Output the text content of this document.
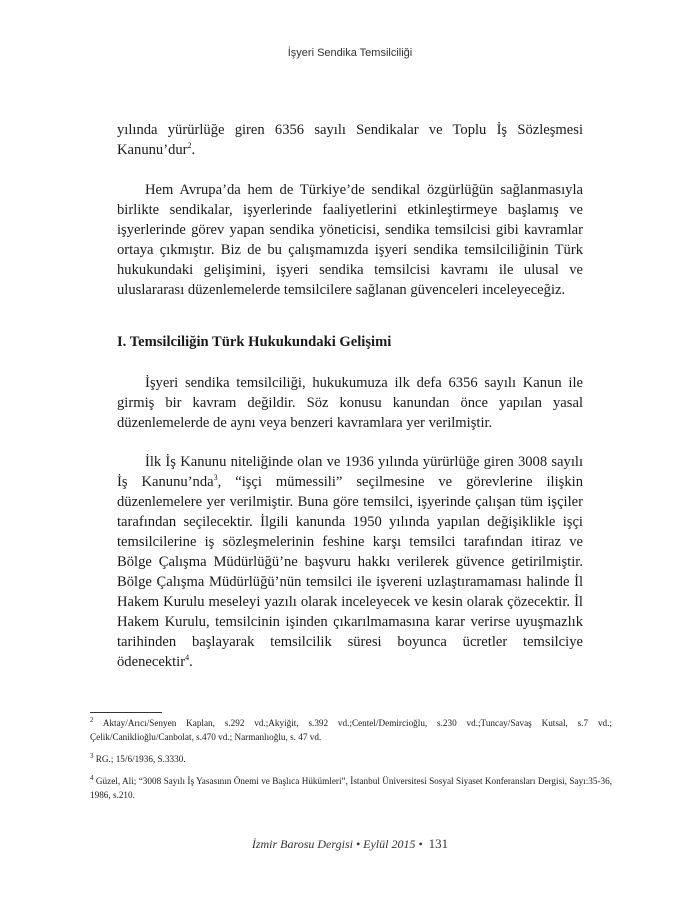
İşyeri Sendika Temsilciliği

yılında yürürlüğe giren 6356 sayılı Sendikalar ve Toplu İş Sözleşmesi Kanunu’dur$^2$.

Hem Avrupa’da hem de Türkiye’de sendikal özgürlüğün sağlanmasıyla birlikte sendikalar, işyerlerinde faaliyetlerini etkinleştirmeye başlamış ve işyerlerinde görev yapan sendika yöneticisi, sendika temsilcisi gibi kavramlar ortaya çıkmıştır. Biz de bu çalışmamızda işyeri sendika temsilciliğinin Türk hukukundaki gelişimini, işyeri sendika temsilcisi kavramı ile ulusal ve uluslararası düzenlemelerde temsilcilere sağlanan güvenceleri inceleyeceğiz.

I. Temsilciliğin Türk Hukukundaki Gelişimi

İşyeri sendika temsilciliği, hukukumuza ilk defa 6356 sayılı Kanun ile girmiş bir kavram değildir. Söz konusu kanundan önce yapılan yasal düzenlemelerde de aynı veya benzeri kavramlara yer verilmiştir.

İlk İş Kanunu niteliğinde olan ve 1936 yılında yürürlüğe giren 3008 sayılı İş Kanunu’nda$^3$, “işçi mümessili” seçilmesine ve görevlerine ilişkin düzenlemelere yer verilmiştir. Buna göre temsilci, işyerinde çalışan tüm işçiler tarafından seçilecektir. İlgili kanunda 1950 yılında yapılan değişiklikle işçi temsilcilerine iş sözleşmelerinin feshine karşı temsilci tarafından itiraz ve Bölge Çalışma Müdürlüğü’ne başvuru hakkı verilerek güvence getirilmiştir. Bölge Çalışma Müdürlüğü’nün temsilci ile işvereni uzlaştıramaması halinde İl Hakem Kurulu meseleyi yazılı olarak inceleyecek ve kesin olarak çözecektir. İl Hakem Kurulu, temsilcinin işinden çıkarılmamasına karar verirse uyuşmazlık tarihinden başlayarak temsilcilik süresi boyunca ücretler temsilciye ödenecektir$^4$.

$^2$ Aktay/Arıcı/Senyen Kaplan, s.292 vd.;Akyiğit, s.392 vd.;Centel/Demircioğlu, s.230 vd.;Tuncay/Savaş Kutsal, s.7 vd.; Çelik/Caniklioğlu/Canbolat, s.470 vd.; Narmanlıoğlu, s. 47 vd.

$^3$ RG.; 15/6/1936, S.3330.

$^4$ Güzel, Ali; “3008 Sayılı İş Yasasının Önemi ve Başlıca Hükümleri”, İstanbul Üniversitesi Sosyal Siyaset Konferansları Dergisi, Sayı:35-36, 1986, s.210.

İzmir Barosu Dergisi • Eylül 2015 • 131
